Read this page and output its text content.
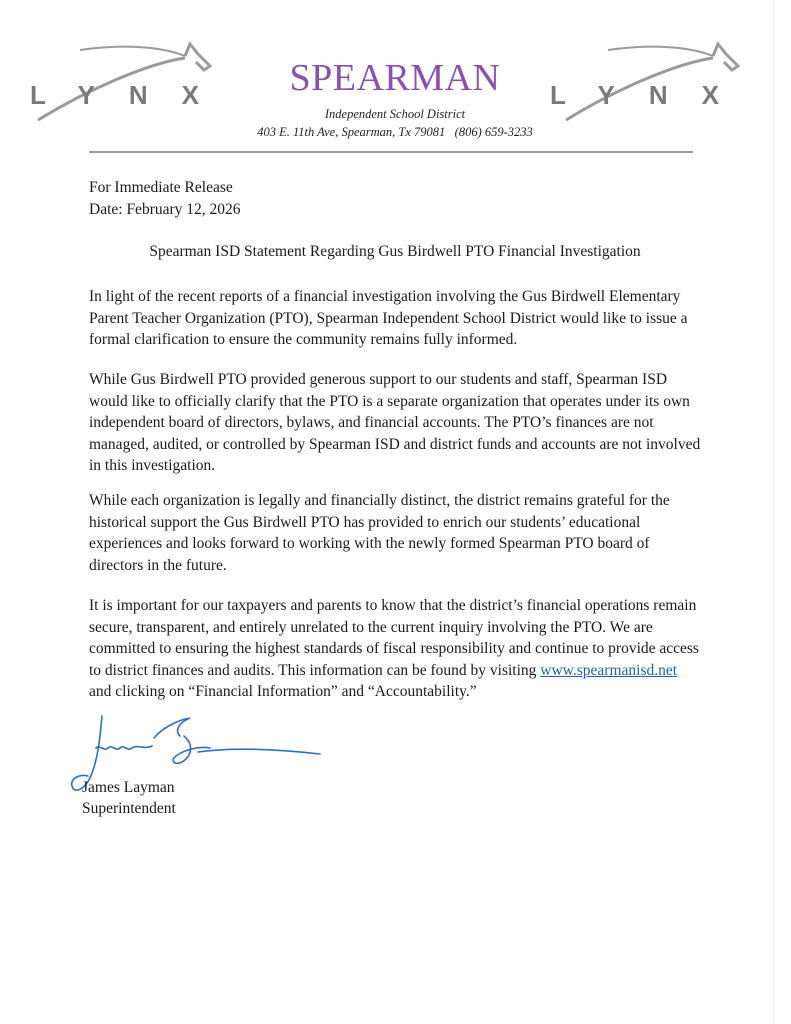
LYNX	SPEARMAN
Independent School District
403 E. 11th Ave, Spearman, Tx 79081 (806) 659-3233
LYNX
For Immediate Release
Date: February 12, 2026
Spearman ISD Statement Regarding Gus Birdwell PTO Financial Investigation

In light of the recent reports of a financial investigation involving the Gus Birdwell Elementary Parent Teacher Organization (PTO), Spearman Independent School District would like to issue a formal clarification to ensure the community remains fully informed.

While Gus Birdwell PTO provided generous support to our students and staff, Spearman ISD would like to officially clarify that the PTO is a separate organization that operates under its own independent board of directors, bylaws, and financial accounts. The PTO’s finances are not managed, audited, or controlled by Spearman ISD and district funds and accounts are not involved in this investigation.

While each organization is legally and financially distinct, the district remains grateful for the historical support the Gus Birdwell PTO has provided to enrich our students’ educational experiences and looks forward to working with the newly formed Spearman PTO board of directors in the future.

It is important for our taxpayers and parents to know that the district’s financial operations remain secure, transparent, and entirely unrelated to the current inquiry involving the PTO. We are committed to ensuring the highest standards of fiscal responsibility and continue to provide access to district finances and audits. This information can be found by visiting www.spearmanisd.net and clicking on “Financial Information” and “Accountability.”

James Layman
Superintendent
